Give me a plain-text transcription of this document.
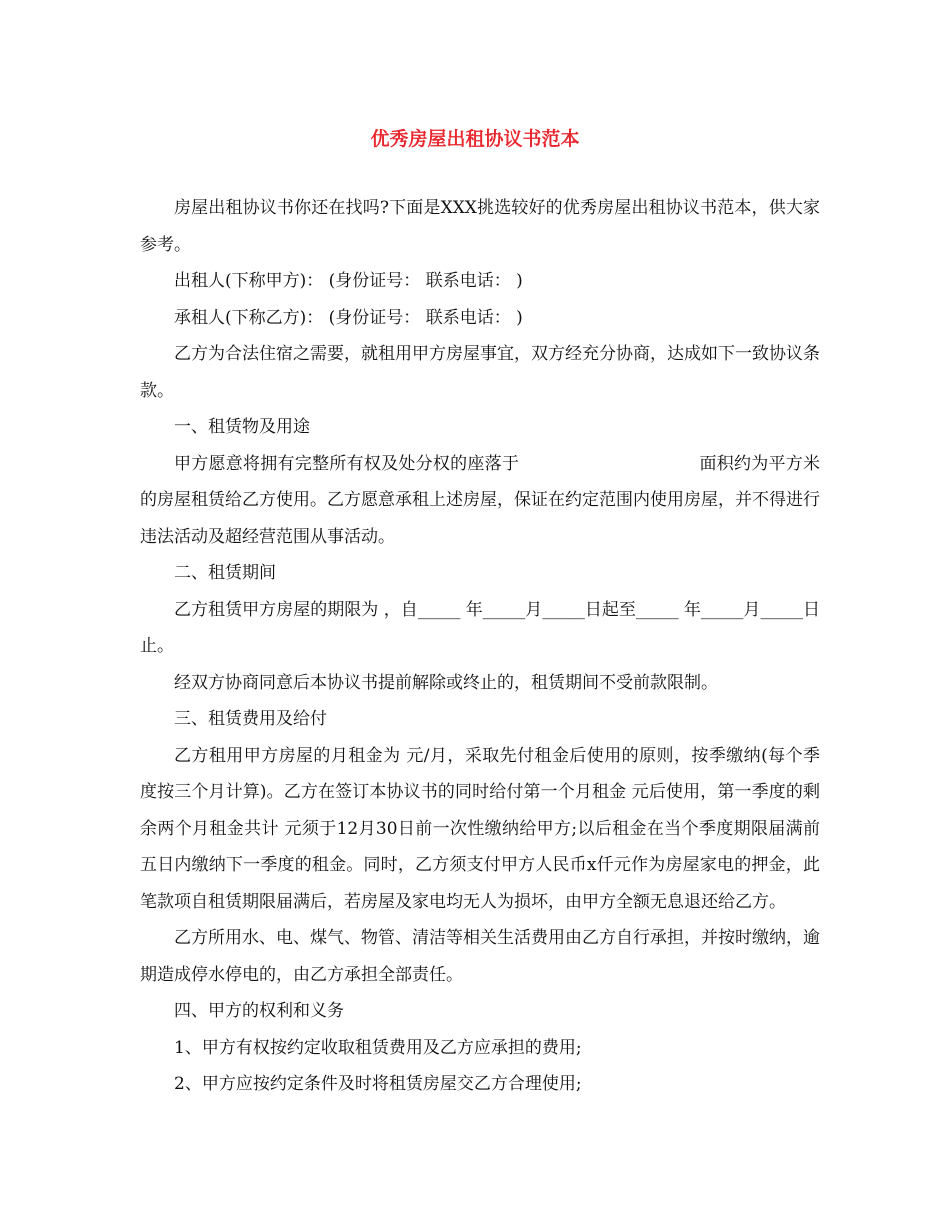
优秀房屋出租协议书范本

房屋出租协议书你还在找吗?下面是XXX挑选较好的优秀房屋出租协议书范本，供大家参考。

出租人(下称甲方)： (身份证号： 联系电话： )

承租人(下称乙方)： (身份证号： 联系电话： )

乙方为合法住宿之需要，就租用甲方房屋事宜，双方经充分协商，达成如下一致协议条款。

一、租赁物及用途

甲方愿意将拥有完整所有权及处分权的座落于	面积约为平方米的房屋租赁给乙方使用。乙方愿意承租上述房屋，保证在约定范围内使用房屋，并不得进行违法活动及超经营范围从事活动。

二、租赁期间

乙方租赁甲方房屋的期限为 ，自_____ 年_____月_____日起至_____ 年_____月_____日止。

经双方协商同意后本协议书提前解除或终止的，租赁期间不受前款限制。

三、租赁费用及给付

乙方租用甲方房屋的月租金为 元/月，采取先付租金后使用的原则，按季缴纳(每个季度按三个月计算)。乙方在签订本协议书的同时给付第一个月租金 元后使用，第一季度的剩余两个月租金共计 元须于12月30日前一次性缴纳给甲方;以后租金在当个季度期限届满前五日内缴纳下一季度的租金。同时，乙方须支付甲方人民币x仟元作为房屋家电的押金，此笔款项自租赁期限届满后，若房屋及家电均无人为损坏，由甲方全额无息退还给乙方。

乙方所用水、电、煤气、物管、清洁等相关生活费用由乙方自行承担，并按时缴纳，逾期造成停水停电的，由乙方承担全部责任。

四、甲方的权利和义务

1、甲方有权按约定收取租赁费用及乙方应承担的费用;

2、甲方应按约定条件及时将租赁房屋交乙方合理使用;
